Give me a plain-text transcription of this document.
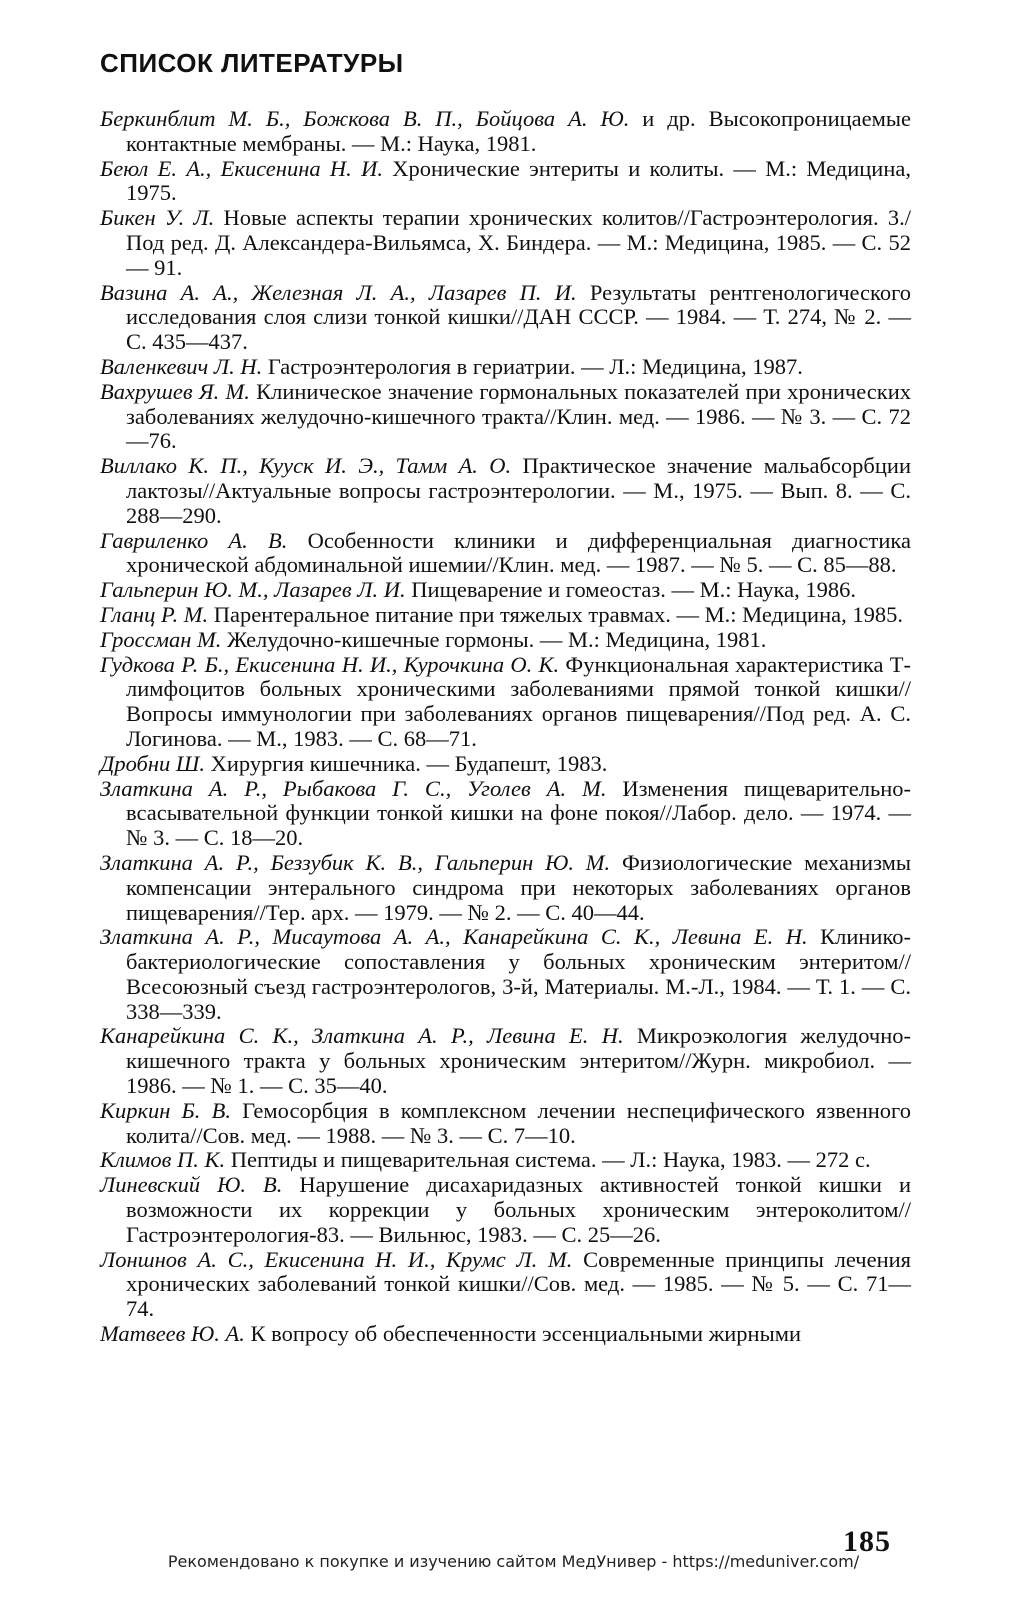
СПИСОК ЛИТЕРАТУРЫ
Беркинблит М. Б., Божкова В. П., Бойцова А. Ю. и др. Высокопроницаемые контактные мембраны. — М.: Наука, 1981.
Беюл Е. А., Екисенина Н. И. Хронические энтериты и колиты. — М.: Медицина, 1975.
Бикен У. Л. Новые аспекты терапии хронических колитов//Гастроэнтерология. 3./Под ред. Д. Александера-Вильямса, Х. Биндера. — М.: Медицина, 1985. — С. 52 — 91.
Вазина А. А., Железная Л. А., Лазарев П. И. Результаты рентгенологического исследования слоя слизи тонкой кишки//ДАН СССР. — 1984. — Т. 274, № 2. — С. 435—437.
Валенкевич Л. Н. Гастроэнтерология в гериатрии. — Л.: Медицина, 1987.
Вахрушев Я. М. Клиническое значение гормональных показателей при хронических заболеваниях желудочно-кишечного тракта//Клин. мед. — 1986. — № 3. — С. 72—76.
Виллако К. П., Кууск И. Э., Тамм А. О. Практическое значение мальабсорбции лактозы//Актуальные вопросы гастроэнтерологии. — М., 1975. — Вып. 8. — С. 288—290.
Гавриленко А. В. Особенности клиники и дифференциальная диагностика хронической абдоминальной ишемии//Клин. мед. — 1987. — № 5. — С. 85—88.
Гальперин Ю. М., Лазарев Л. И. Пищеварение и гомеостаз. — М.: Наука, 1986.
Гланц Р. М. Парентеральное питание при тяжелых травмах. — М.: Медицина, 1985.
Гроссман М. Желудочно-кишечные гормоны. — М.: Медицина, 1981.
Гудкова Р. Б., Екисенина Н. И., Курочкина О. К. Функциональная характеристика Т-лимфоцитов больных хроническими заболеваниями прямой тонкой кишки//Вопросы иммунологии при заболеваниях органов пищеварения//Под ред. А. С. Логинова. — М., 1983. — С. 68—71.
Дробни Ш. Хирургия кишечника. — Будапешт, 1983.
Златкина А. Р., Рыбакова Г. С., Уголев А. М. Изменения пищеварительно-всасывательной функции тонкой кишки на фоне покоя//Лабор. дело. — 1974. — № 3. — С. 18—20.
Златкина А. Р., Беззубик К. В., Гальперин Ю. М. Физиологические механизмы компенсации энтерального синдрома при некоторых заболеваниях органов пищеварения//Тер. арх. — 1979. — № 2. — С. 40—44.
Златкина А. Р., Мисаутова А. А., Канарейкина С. К., Левина Е. Н. Клинико-бактериологические сопоставления у больных хроническим энтеритом//Всесоюзный съезд гастроэнтерологов, 3-й, Материалы. М.-Л., 1984. — Т. 1. — С. 338—339.
Канарейкина С. К., Златкина А. Р., Левина Е. Н. Микроэкология желудочно-кишечного тракта у больных хроническим энтеритом//Журн. микробиол. — 1986. — № 1. — С. 35—40.
Киркин Б. В. Гемосорбция в комплексном лечении неспецифического язвенного колита//Сов. мед. — 1988. — № 3. — С. 7—10.
Климов П. К. Пептиды и пищеварительная система. — Л.: Наука, 1983. — 272 с.
Линевский Ю. В. Нарушение дисахаридазных активностей тонкой кишки и возможности их коррекции у больных хроническим энтероколитом//Гастроэнтерология-83. — Вильнюс, 1983. — С. 25—26.
Лоншнов А. С., Екисенина Н. И., Крумс Л. М. Современные принципы лечения хронических заболеваний тонкой кишки//Сов. мед. — 1985. — № 5. — С. 71—74.
Матвеев Ю. А. К вопросу об обеспеченности эссенциальными жирными
185
Рекомендовано к покупке и изучению сайтом МедУнивер - https://meduniver.com/
